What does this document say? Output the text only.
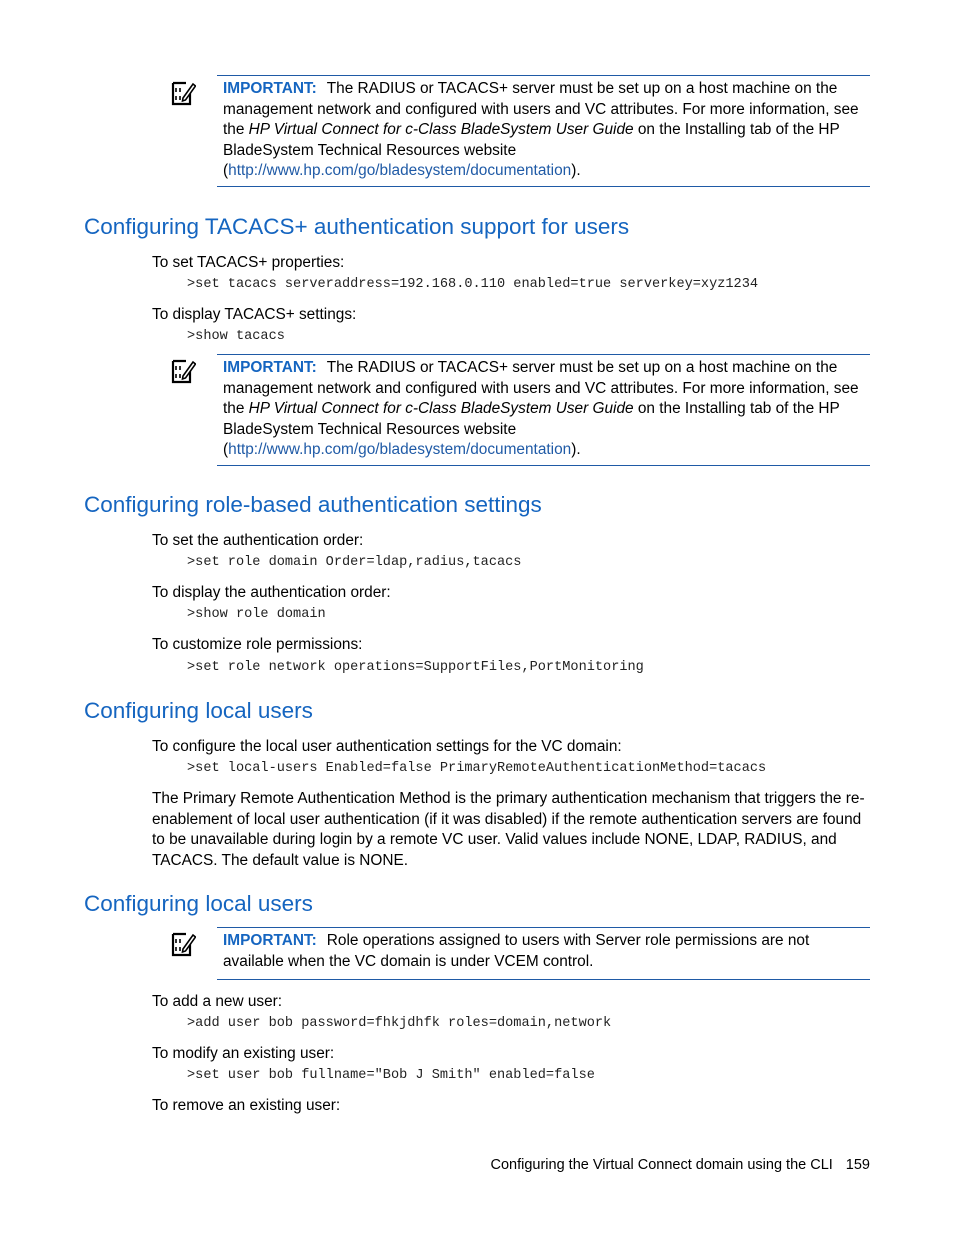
IMPORTANT: The RADIUS or TACACS+ server must be set up on a host machine on the management network and configured with users and VC attributes. For more information, see the HP Virtual Connect for c-Class BladeSystem User Guide on the Installing tab of the HP BladeSystem Technical Resources website
(http://www.hp.com/go/bladesystem/documentation).

Configuring TACACS+ authentication support for users

To set TACACS+ properties:

>set tacacs serveraddress=192.168.0.110 enabled=true serverkey=xyz1234

To display TACACS+ settings:

>show tacacs

IMPORTANT: The RADIUS or TACACS+ server must be set up on a host machine on the management network and configured with users and VC attributes. For more information, see the HP Virtual Connect for c-Class BladeSystem User Guide on the Installing tab of the HP BladeSystem Technical Resources website
(http://www.hp.com/go/bladesystem/documentation).

Configuring role-based authentication settings

To set the authentication order:

>set role domain Order=ldap,radius,tacacs

To display the authentication order:

>show role domain

To customize role permissions:

>set role network operations=SupportFiles,PortMonitoring

Configuring local users

To configure the local user authentication settings for the VC domain:

>set local-users Enabled=false PrimaryRemoteAuthenticationMethod=tacacs

The Primary Remote Authentication Method is the primary authentication mechanism that triggers the re-enablement of local user authentication (if it was disabled) if the remote authentication servers are found to be unavailable during login by a remote VC user. Valid values include NONE, LDAP, RADIUS, and TACACS. The default value is NONE.

Configuring local users

IMPORTANT: Role operations assigned to users with Server role permissions are not available when the VC domain is under VCEM control.

To add a new user:

>add user bob password=fhkjdhfk roles=domain,network

To modify an existing user:

>set user bob fullname="Bob J Smith" enabled=false

To remove an existing user:

Configuring the Virtual Connect domain using the CLI 159
